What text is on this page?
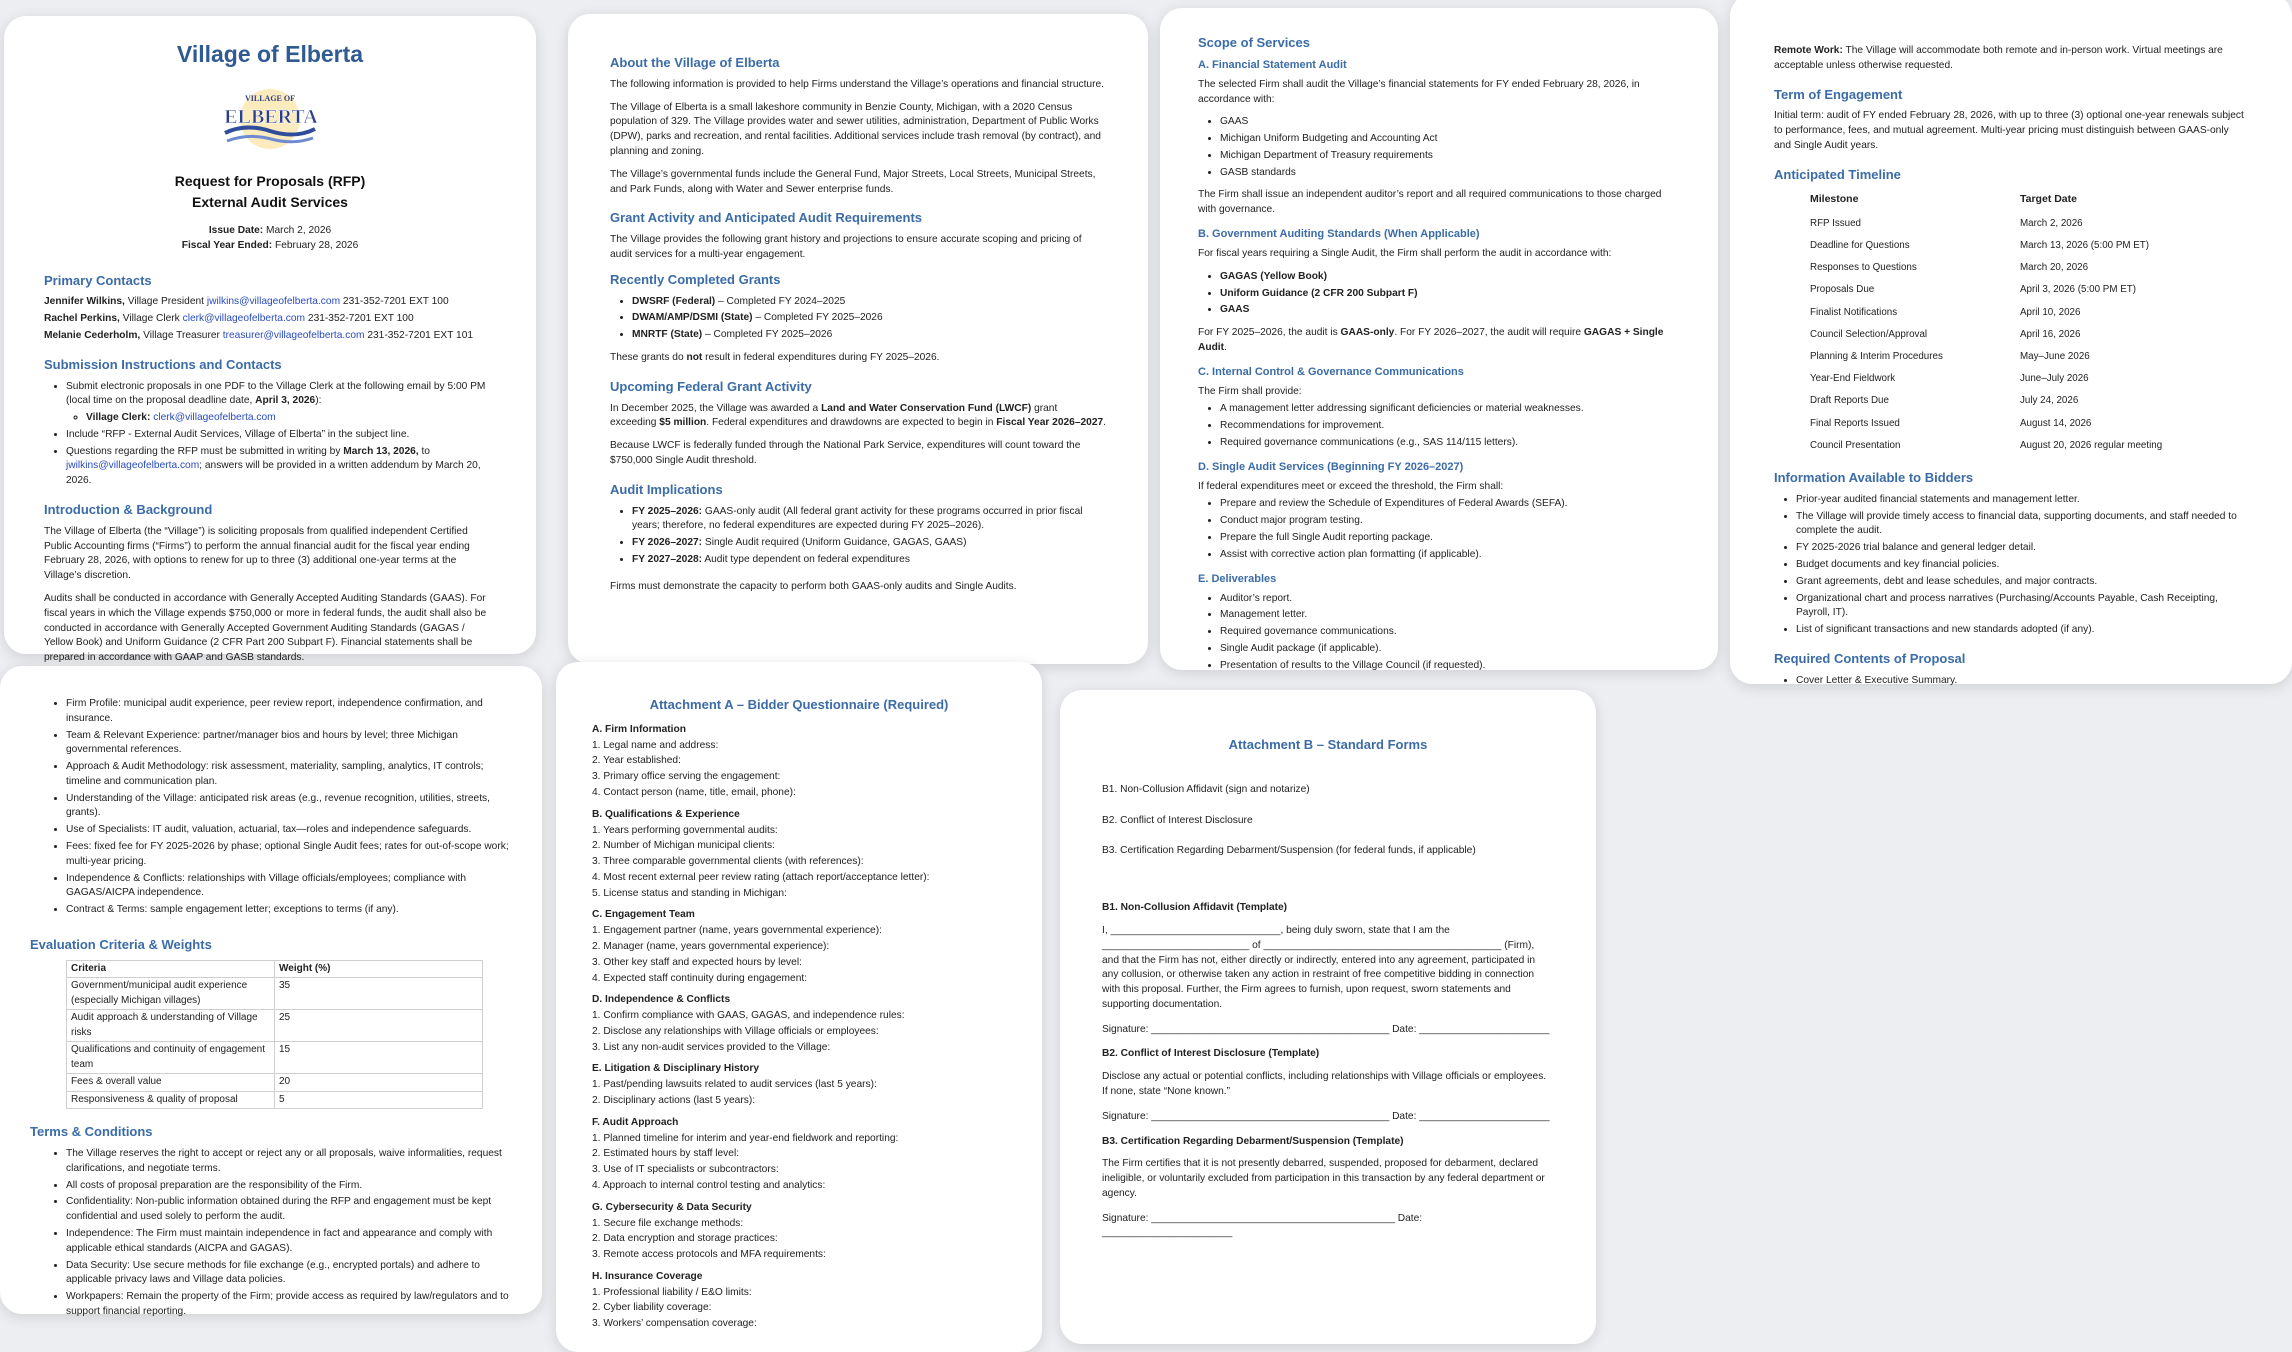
Village of Elberta
VILLAGE OF
ELBERTA
Request for Proposals (RFP)
External Audit Services
Issue Date: March 2, 2026
Fiscal Year Ended: February 28, 2026
Primary Contacts
Jennifer Wilkins, Village President jwilkins@villageofelberta.com 231-352-7201 EXT 100
Rachel Perkins, Village Clerk clerk@villageofelberta.com 231-352-7201 EXT 100
Melanie Cederholm, Village Treasurer treasurer@villageofelberta.com 231-352-7201 EXT 101
Submission Instructions and Contacts
• Submit electronic proposals in one PDF to the Village Clerk at the following email by 5:00 PM (local time on the proposal deadline date, April 3, 2026):
◦ Village Clerk: clerk@villageofelberta.com
• Include “RFP - External Audit Services, Village of Elberta” in the subject line.
• Questions regarding the RFP must be submitted in writing by March 13, 2026, to jwilkins@villageofelberta.com; answers will be provided in a written addendum by March 20, 2026.
Introduction & Background

The Village of Elberta (the “Village”) is soliciting proposals from qualified independent Certified Public Accounting firms (“Firms”) to perform the annual financial audit for the fiscal year ending February 28, 2026, with options to renew for up to three (3) additional one-year terms at the Village’s discretion.

Audits shall be conducted in accordance with Generally Accepted Auditing Standards (GAAS). For fiscal years in which the Village expends $750,000 or more in federal funds, the audit shall also be conducted in accordance with Generally Accepted Government Auditing Standards (GAGAS / Yellow Book) and Uniform Guidance (2 CFR Part 200 Subpart F). Financial statements shall be prepared in accordance with GAAP and GASB standards.

About the Village of Elberta

The following information is provided to help Firms understand the Village’s operations and financial structure.

The Village of Elberta is a small lakeshore community in Benzie County, Michigan, with a 2020 Census population of 329. The Village provides water and sewer utilities, administration, Department of Public Works (DPW), parks and recreation, and rental facilities. Additional services include trash removal (by contract), and planning and zoning.

The Village’s governmental funds include the General Fund, Major Streets, Local Streets, Municipal Streets, and Park Funds, along with Water and Sewer enterprise funds.

Grant Activity and Anticipated Audit Requirements

The Village provides the following grant history and projections to ensure accurate scoping and pricing of audit services for a multi-year engagement.

Recently Completed Grants
• DWSRF (Federal) – Completed FY 2024–2025
• DWAM/AMP/DSMI (State) – Completed FY 2025–2026
• MNRTF (State) – Completed FY 2025–2026

These grants do not result in federal expenditures during FY 2025–2026.

Upcoming Federal Grant Activity

In December 2025, the Village was awarded a Land and Water Conservation Fund (LWCF) grant exceeding $5 million. Federal expenditures and drawdowns are expected to begin in Fiscal Year 2026–2027.

Because LWCF is federally funded through the National Park Service, expenditures will count toward the $750,000 Single Audit threshold.

Audit Implications
• FY 2025–2026: GAAS-only audit (All federal grant activity for these programs occurred in prior fiscal years; therefore, no federal expenditures are expected during FY 2025–2026).
• FY 2026–2027: Single Audit required (Uniform Guidance, GAGAS, GAAS)
• FY 2027–2028: Audit type dependent on federal expenditures

Firms must demonstrate the capacity to perform both GAAS-only audits and Single Audits.

Scope of Services
A. Financial Statement Audit

The selected Firm shall audit the Village’s financial statements for FY ended February 28, 2026, in accordance with:

• GAAS
• Michigan Uniform Budgeting and Accounting Act
• Michigan Department of Treasury requirements
• GASB standards

The Firm shall issue an independent auditor’s report and all required communications to those charged with governance.

B. Government Auditing Standards (When Applicable)

For fiscal years requiring a Single Audit, the Firm shall perform the audit in accordance with:

• GAGAS (Yellow Book)
• Uniform Guidance (2 CFR 200 Subpart F)
• GAAS

For FY 2025–2026, the audit is GAAS-only. For FY 2026–2027, the audit will require GAGAS + Single Audit.

C. Internal Control & Governance Communications

The Firm shall provide:

• A management letter addressing significant deficiencies or material weaknesses.
• Recommendations for improvement.
• Required governance communications (e.g., SAS 114/115 letters).
D. Single Audit Services (Beginning FY 2026–2027)

If federal expenditures meet or exceed the threshold, the Firm shall:

• Prepare and review the Schedule of Expenditures of Federal Awards (SEFA).
• Conduct major program testing.
• Prepare the full Single Audit reporting package.
• Assist with corrective action plan formatting (if applicable).
E. Deliverables
• Auditor’s report.
• Management letter.
• Required governance communications.
• Single Audit package (if applicable).
• Presentation of results to the Village Council (if requested).

Remote Work: The Village will accommodate both remote and in-person work. Virtual meetings are acceptable unless otherwise requested.

Term of Engagement

Initial term: audit of FY ended February 28, 2026, with up to three (3) optional one-year renewals subject to performance, fees, and mutual agreement. Multi-year pricing must distinguish between GAAS-only and Single Audit years.

Anticipated Timeline
Milestone	Target Date
RFP Issued	March 2, 2026
Deadline for Questions	March 13, 2026 (5:00 PM ET)
Responses to Questions	March 20, 2026
Proposals Due	April 3, 2026 (5:00 PM ET)
Finalist Notifications	April 10, 2026
Council Selection/Approval	April 16, 2026
Planning & Interim Procedures	May–June 2026
Year-End Fieldwork	June–July 2026
Draft Reports Due	July 24, 2026
Final Reports Issued	August 14, 2026
Council Presentation	August 20, 2026 regular meeting
Information Available to Bidders
• Prior-year audited financial statements and management letter.
• The Village will provide timely access to financial data, supporting documents, and staff needed to complete the audit.
• FY 2025-2026 trial balance and general ledger detail.
• Budget documents and key financial policies.
• Grant agreements, debt and lease schedules, and major contracts.
• Organizational chart and process narratives (Purchasing/Accounts Payable, Cash Receipting, Payroll, IT).
• List of significant transactions and new standards adopted (if any).
Required Contents of Proposal
• Cover Letter & Executive Summary.
• Firm Profile: municipal audit experience, peer review report, independence confirmation, and insurance.
• Team & Relevant Experience: partner/manager bios and hours by level; three Michigan governmental references.
• Approach & Audit Methodology: risk assessment, materiality, sampling, analytics, IT controls; timeline and communication plan.
• Understanding of the Village: anticipated risk areas (e.g., revenue recognition, utilities, streets, grants).
• Use of Specialists: IT audit, valuation, actuarial, tax—roles and independence safeguards.
• Fees: fixed fee for FY 2025-2026 by phase; optional Single Audit fees; rates for out-of-scope work; multi-year pricing.
• Independence & Conflicts: relationships with Village officials/employees; compliance with GAGAS/AICPA independence.
• Contract & Terms: sample engagement letter; exceptions to terms (if any).
Evaluation Criteria & Weights
Criteria	Weight (%)
Government/municipal audit experience (especially Michigan villages)	35
Audit approach & understanding of Village risks	25
Qualifications and continuity of engagement team	15
Fees & overall value	20
Responsiveness & quality of proposal	5
Terms & Conditions
• The Village reserves the right to accept or reject any or all proposals, waive informalities, request clarifications, and negotiate terms.
• All costs of proposal preparation are the responsibility of the Firm.
• Confidentiality: Non-public information obtained during the RFP and engagement must be kept confidential and used solely to perform the audit.
• Independence: The Firm must maintain independence in fact and appearance and comply with applicable ethical standards (AICPA and GAGAS).
• Data Security: Use secure methods for file exchange (e.g., encrypted portals) and adhere to applicable privacy laws and Village data policies.
• Workpapers: Remain the property of the Firm; provide access as required by law/regulators and to support financial reporting.
Attachment A – Bidder Questionnaire (Required)
A. Firm Information
1. Legal name and address:
2. Year established:
3. Primary office serving the engagement:
4. Contact person (name, title, email, phone):
B. Qualifications & Experience
1. Years performing governmental audits:
2. Number of Michigan municipal clients:
3. Three comparable governmental clients (with references):
4. Most recent external peer review rating (attach report/acceptance letter):
5. License status and standing in Michigan:
C. Engagement Team
1. Engagement partner (name, years governmental experience):
2. Manager (name, years governmental experience):
3. Other key staff and expected hours by level:
4. Expected staff continuity during engagement:
D. Independence & Conflicts
1. Confirm compliance with GAAS, GAGAS, and independence rules:
2. Disclose any relationships with Village officials or employees:
3. List any non-audit services provided to the Village:
E. Litigation & Disciplinary History
1. Past/pending lawsuits related to audit services (last 5 years):
2. Disciplinary actions (last 5 years):
F. Audit Approach
1. Planned timeline for interim and year-end fieldwork and reporting:
2. Estimated hours by staff level:
3. Use of IT specialists or subcontractors:
4. Approach to internal control testing and analytics:
G. Cybersecurity & Data Security
1. Secure file exchange methods:
2. Data encryption and storage practices:
3. Remote access protocols and MFA requirements:
H. Insurance Coverage
1. Professional liability / E&O limits:
2. Cyber liability coverage:
3. Workers’ compensation coverage:
Attachment B – Standard Forms

B1. Non-Collusion Affidavit (sign and notarize)

B2. Conflict of Interest Disclosure

B3. Certification Regarding Debarment/Suspension (for federal funds, if applicable)

B1. Non-Collusion Affidavit (Template)

I, ______________________________, being duly sworn, state that I am the __________________________ of __________________________________________ (Firm), and that the Firm has not, either directly or indirectly, entered into any agreement, participated in any collusion, or otherwise taken any action in restraint of free competitive bidding in connection with this proposal. Further, the Firm agrees to furnish, upon request, sworn statements and supporting documentation.

Signature: __________________________________________ Date: _______________________
B2. Conflict of Interest Disclosure (Template)

Disclose any actual or potential conflicts, including relationships with Village officials or employees. If none, state “None known.”

Signature: __________________________________________ Date: _______________________
B3. Certification Regarding Debarment/Suspension (Template)

The Firm certifies that it is not presently debarred, suspended, proposed for debarment, declared ineligible, or voluntarily excluded from participation in this transaction by any federal department or agency.

Signature: ___________________________________________ Date: _______________________
